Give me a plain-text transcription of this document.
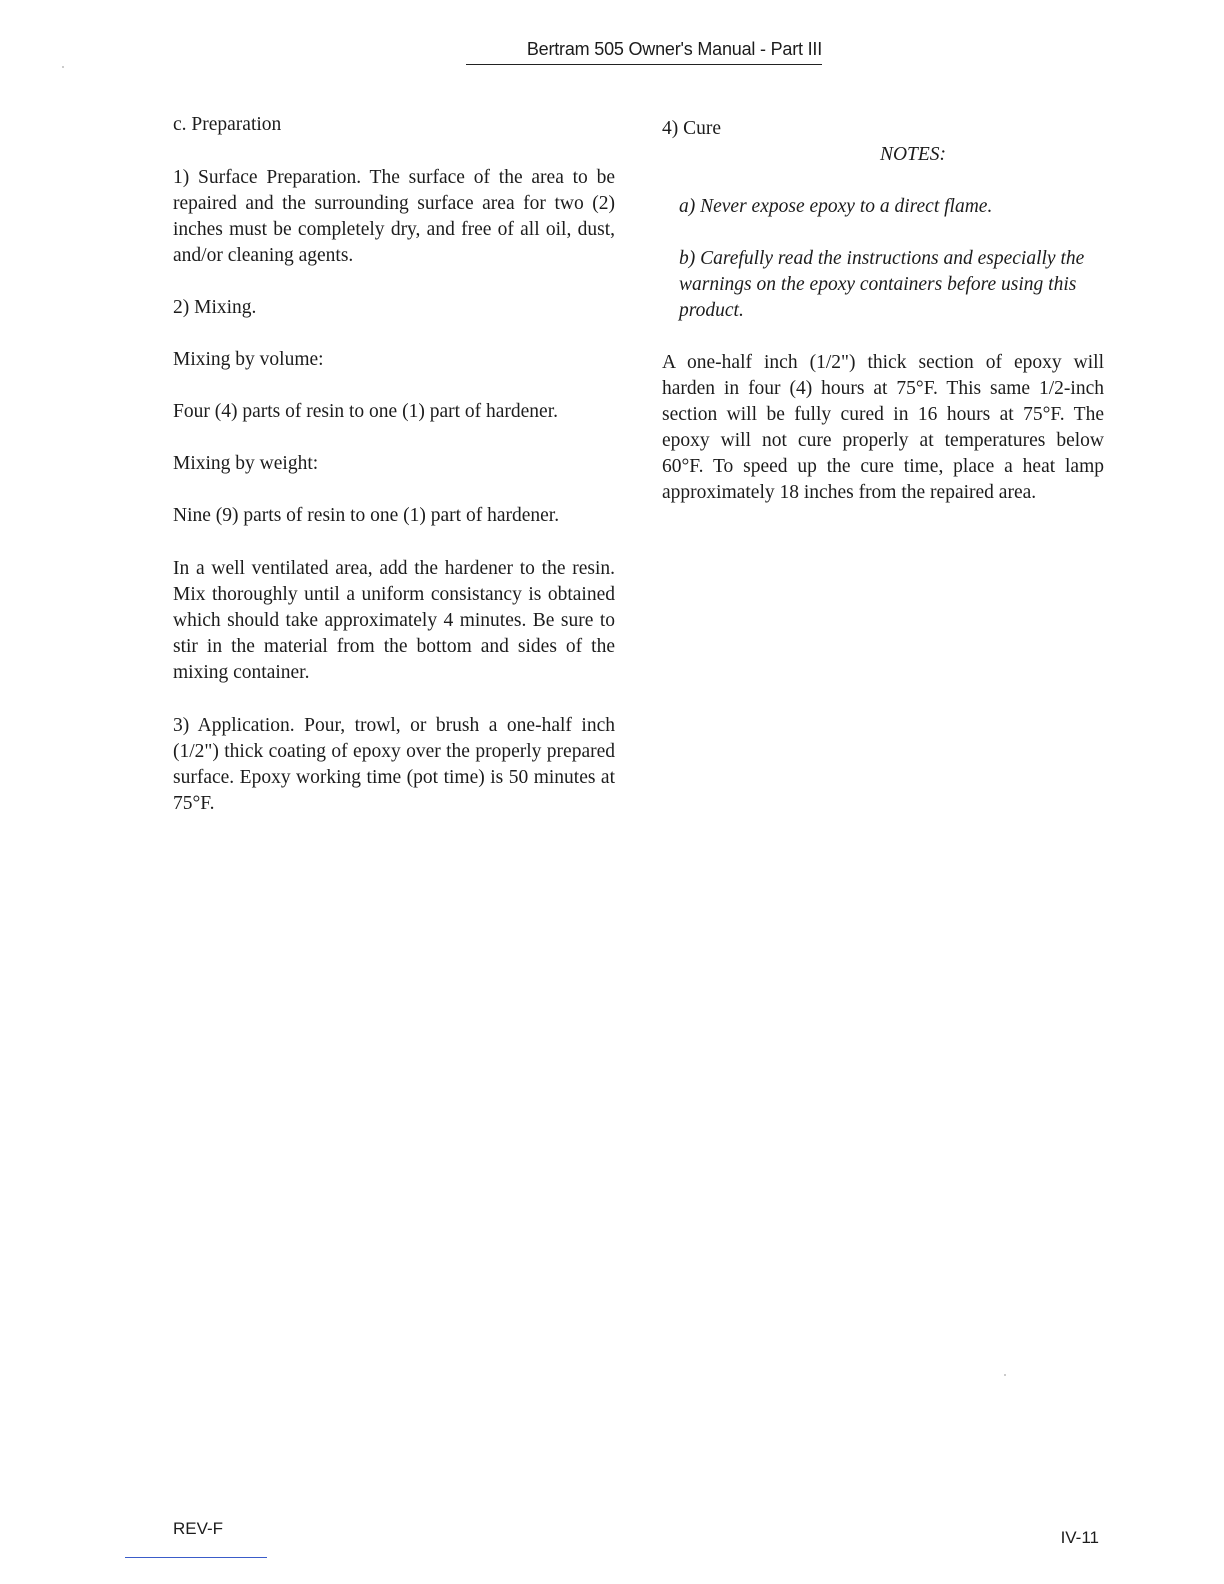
Bertram 505 Owner's Manual - Part III

c. Preparation

1) Surface Preparation. The surface of the area to be repaired and the surrounding surface area for two (2) inches must be completely dry, and free of all oil, dust, and/or cleaning agents.

2) Mixing.

Mixing by volume:

Four (4) parts of resin to one (1) part of hardener.

Mixing by weight:

Nine (9) parts of resin to one (1) part of hardener.

In a well ventilated area, add the hardener to the resin. Mix thoroughly until a uniform consistancy is obtained which should take approximately 4 minutes. Be sure to stir in the material from the bottom and sides of the mixing container.

3) Application. Pour, trowl, or brush a one-half inch (1/2") thick coating of epoxy over the properly prepared surface. Epoxy working time (pot time) is 50 minutes at 75°F.

4) Cure

NOTES:

a) Never expose epoxy to a direct flame.

b) Carefully read the instructions and especially the warnings on the epoxy containers before using this product.

A one-half inch (1/2") thick section of epoxy will harden in four (4) hours at 75°F. This same 1/2-inch section will be fully cured in 16 hours at 75°F. The epoxy will not cure properly at temperatures below 60°F. To speed up the cure time, place a heat lamp approximately 18 inches from the repaired area.

REV-F	IV-11
